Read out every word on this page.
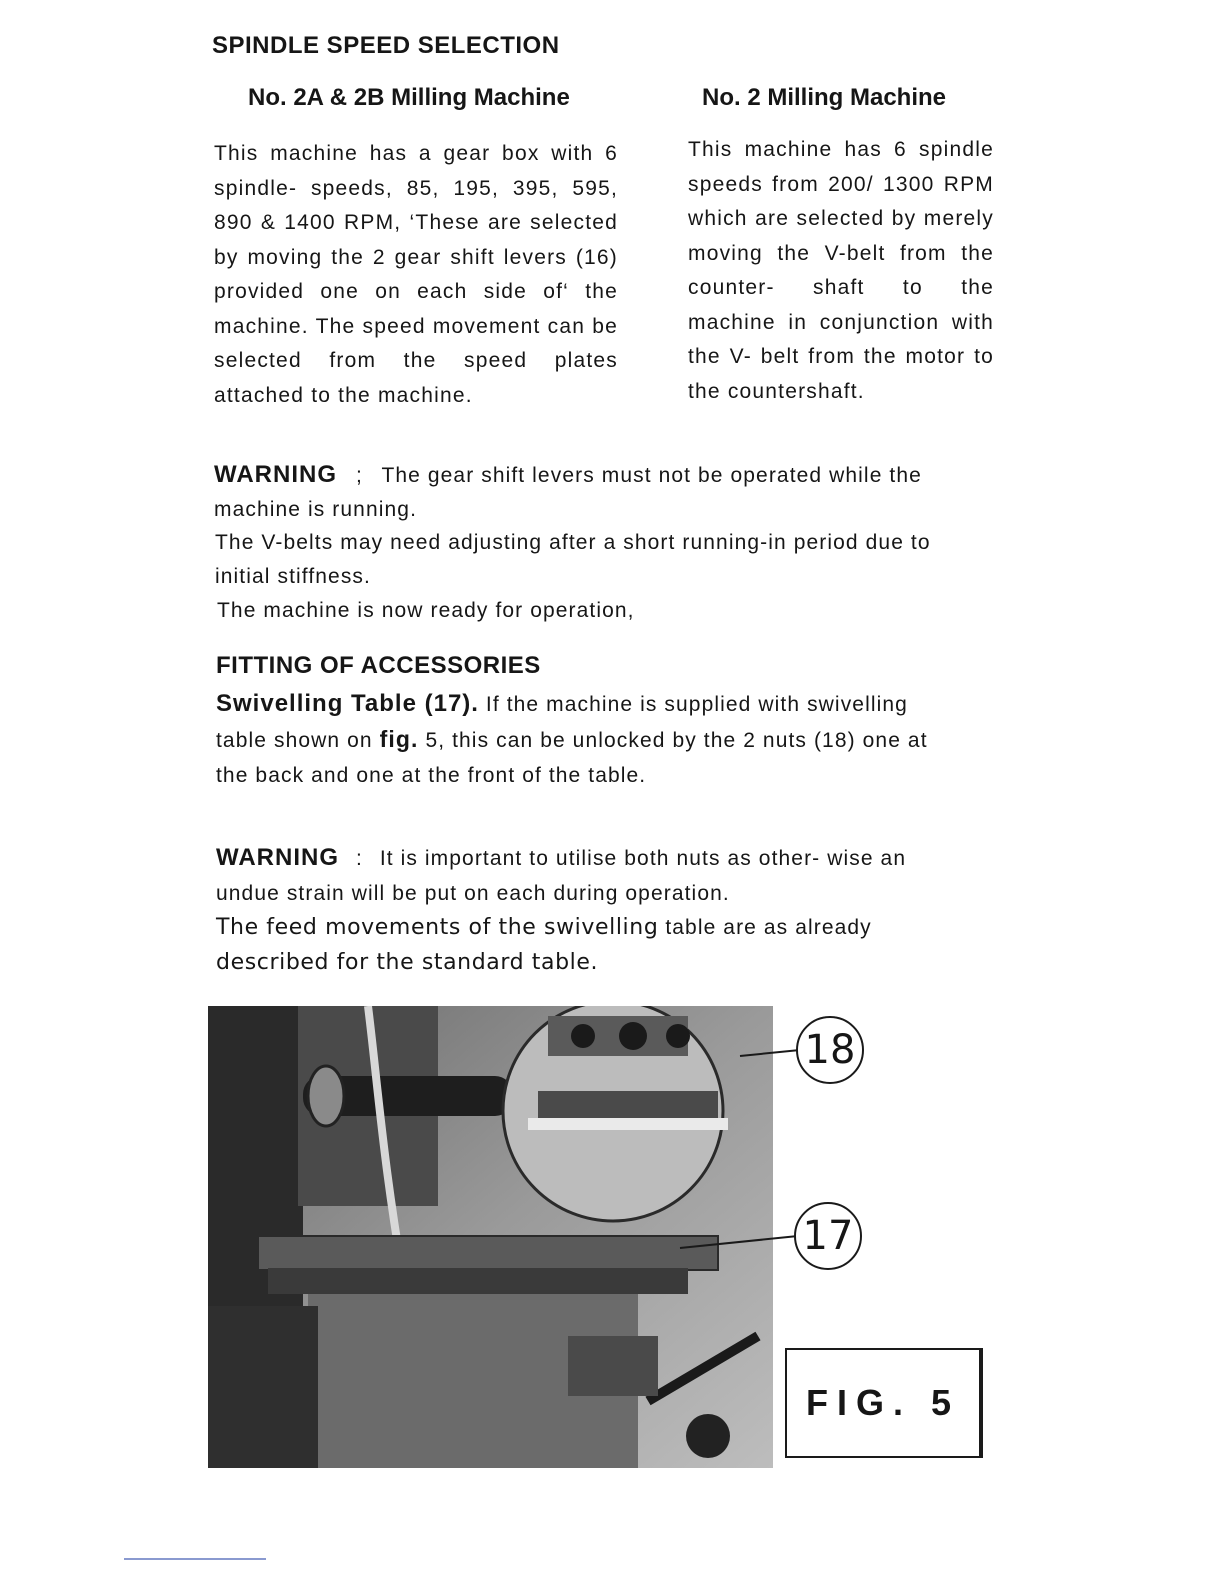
SPINDLE SPEED SELECTION
No. 2A & 2B Milling Machine
This machine has a gear box with 6 spindle- speeds, 85, 195, 395, 595, 890 & 1400 RPM, ‘These are selected by moving the 2 gear shift levers (16) provided one on each side of‘ the machine. The speed movement can be selected from the speed plates attached to the machine.
No. 2 Milling Machine
This machine has 6 spindle speeds from 200/ 1300 RPM which are selected by merely moving the V-belt from the counter- shaft to the machine in conjunction with the V- belt from the motor to the countershaft.
WARNING ; The gear shift levers must not be operated while the machine is running.
The V-belts may need adjusting after a short running-in period due to initial stiffness.
The machine is now ready for operation,
FITTING OF ACCESSORIES
Swivelling Table (17). If the machine is supplied with swivelling table shown on fig. 5, this can be unlocked by the 2 nuts (18) one at the back and one at the front of the table.
WARNING : It is important to utilise both nuts as other- wise an undue strain will be put on each during operation.
The feed movements of the swivelling table are as already
described for the standard table.
18
17
FIG. 5
